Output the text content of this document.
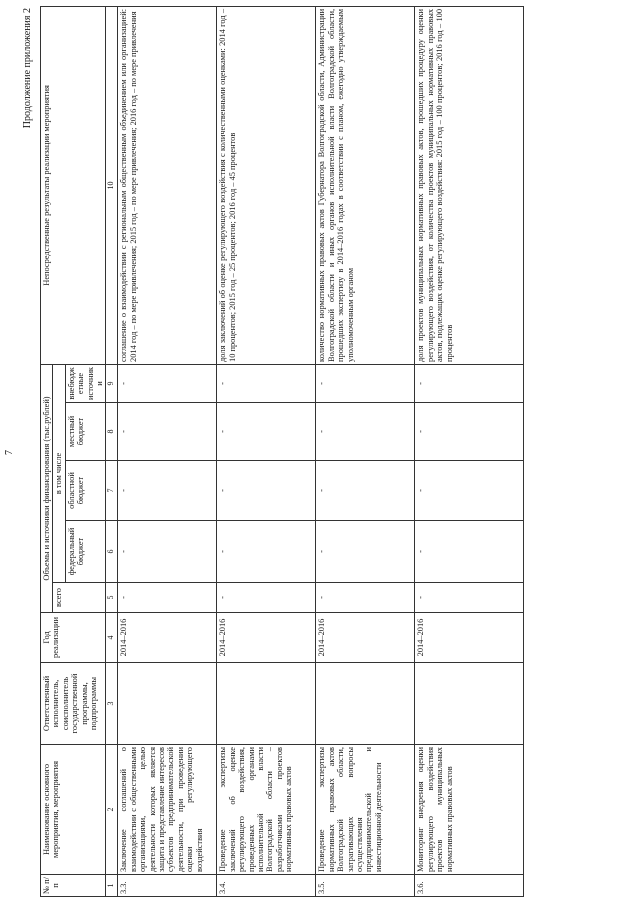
7
Продолжение приложения 2
№ п/п	Наименование основного мероприятия, мероприятия	Ответственный исполнитель, соисполнитель государственной программы, подпрограммы	Год реализации	Объемы и источники финансирования (тыс.рублей)					Непосредственные результаты реализации мероприятия
				всего	в том числе				
					федеральный бюджет	областной бюджет	местный бюджет	внебюджетные источники	
1	2	3	4	5	6	7	8	9	10
3.3.	Заключение соглашений о взаимодействии с общественными организациями, целью деятельности которых является защита и представление интересов субъектов предпринимательской деятельности, при проведении оценки регулирующего воздействия		2014–2016	-	-	-	-	-	соглашение о взаимодействии с региональным общественным объединением или организацией: 2014 год – по мере привлечения; 2015 год – по мере привлечения; 2016 год – по мере привлечения
3.4.	Проведение экспертизы заключений об оценке регулирующего воздействия, проведенных органами исполнительной власти Волгоградской области – разработчиками проектов нормативных правовых актов		2014–2016	-	-	-	-	-	доля заключений об оценке регулирующего воздействия с количественными оценками: 2014 год – 10 процентов; 2015 год – 25 процентов; 2016 год – 45 процентов
3.5.	Проведение экспертизы нормативных правовых актов Волгоградской области, затрагивающих вопросы осуществления предпринимательской и инвестиционной деятельности		2014–2016	-	-	-	-	-	количество нормативных правовых актов Губернатора Волгоградской области, Администрации Волгоградской области и иных органов исполнительной власти Волгоградской области, прошедших экспертизу в 2014–2016 годах в соответствии с планом, ежегодно утверждаемым уполномоченным органом
3.6.	Мониторинг внедрения оценки регулирующего воздействия проектов муниципальных нормативных правовых актов		2014–2016	-	-	-	-	-	доля проектов муниципальных нормативных правовых актов, прошедших процедуру оценки регулирующего воздействия, от количества проектов муниципальных нормативных правовых актов, подлежащих оценке регулирующего воздействия: 2015 год – 100 процентов; 2016 год – 100 процентов
